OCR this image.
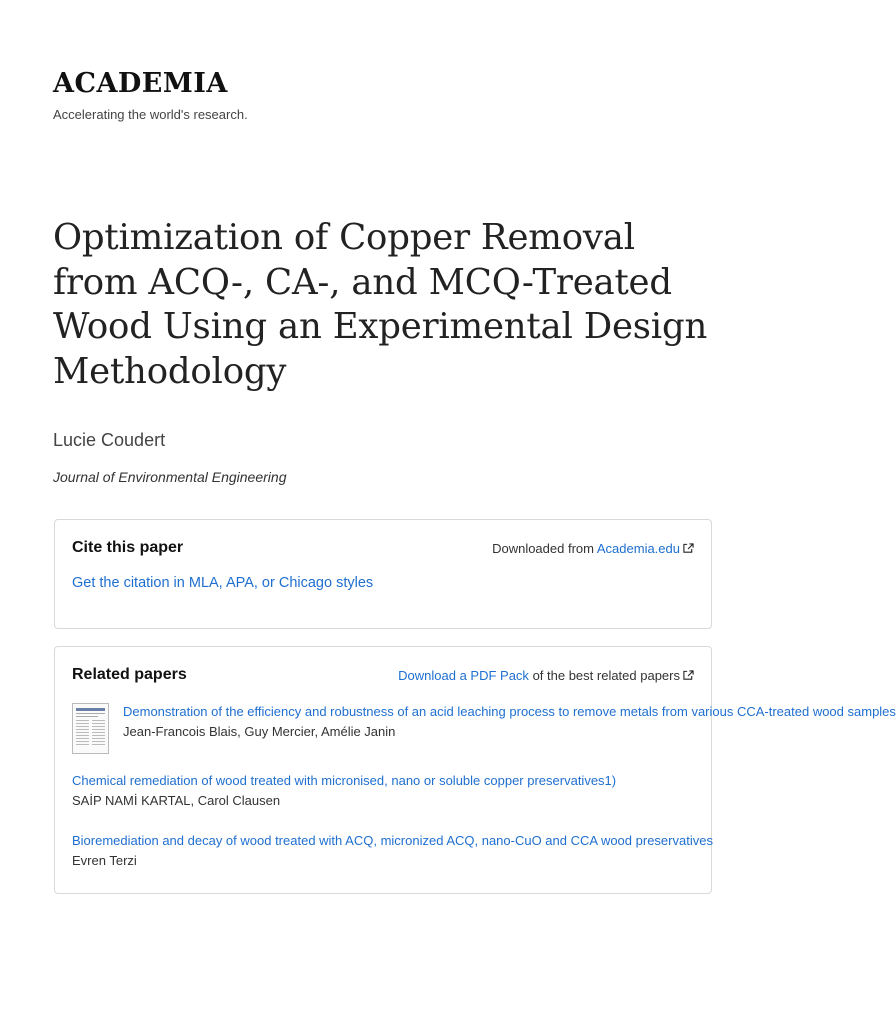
ACADEMIA
Accelerating the world's research.
Optimization of Copper Removal from ACQ-, CA-, and MCQ-Treated Wood Using an Experimental Design Methodology
Lucie Coudert
Journal of Environmental Engineering
Cite this paper	Downloaded from Academia.edu
Get the citation in MLA, APA, or Chicago styles
Related papers	Download a PDF Pack of the best related papers
Demonstration of the efficiency and robustness of an acid leaching process to remove metals from various CCA-treated wood samples
Jean-Francois Blais, Guy Mercier, Amélie Janin
Chemical remediation of wood treated with micronised, nano or soluble copper preservatives1)
SAİP NAMİ KARTAL, Carol Clausen
Bioremediation and decay of wood treated with ACQ, micronized ACQ, nano-CuO and CCA wood preservatives
Evren Terzi
